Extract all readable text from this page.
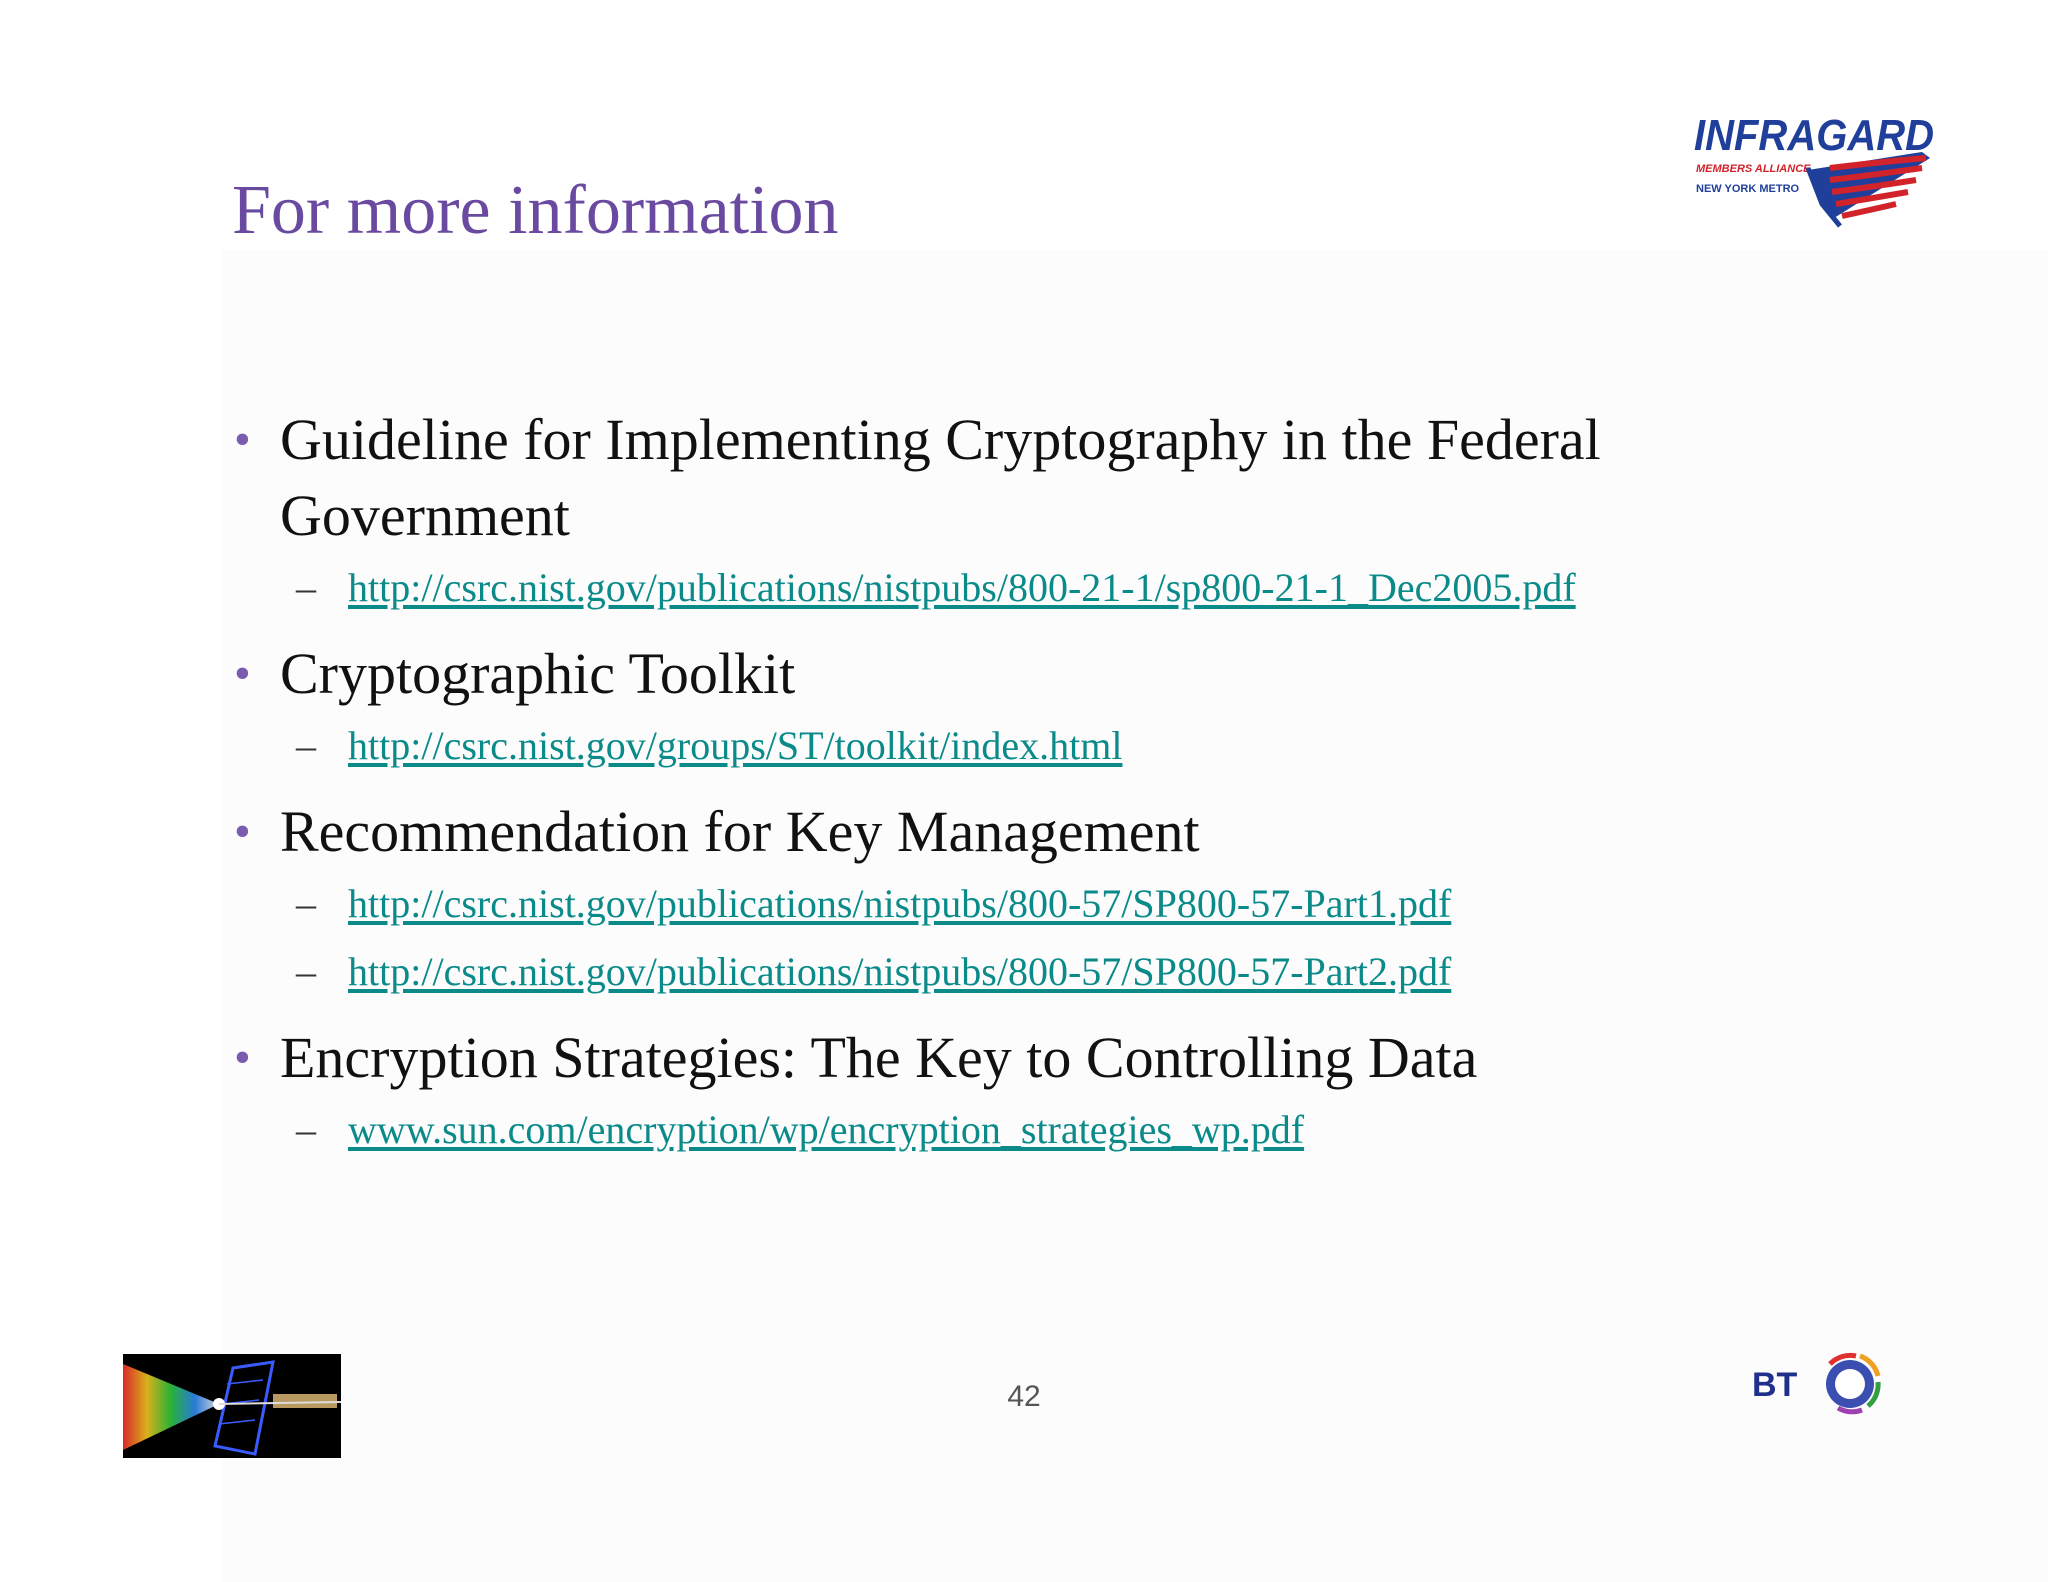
For more information
INFRAGARD
MEMBERS ALLIANCE
NEW YORK METRO
• Guideline for Implementing Cryptography in the Federal Government
– http://csrc.nist.gov/publications/nistpubs/800-21-1/sp800-21-1_Dec2005.pdf
• Cryptographic Toolkit
– http://csrc.nist.gov/groups/ST/toolkit/index.html
• Recommendation for Key Management
– http://csrc.nist.gov/publications/nistpubs/800-57/SP800-57-Part1.pdf
– http://csrc.nist.gov/publications/nistpubs/800-57/SP800-57-Part2.pdf
• Encryption Strategies: The Key to Controlling Data
– www.sun.com/encryption/wp/encryption_strategies_wp.pdf
42	BT
